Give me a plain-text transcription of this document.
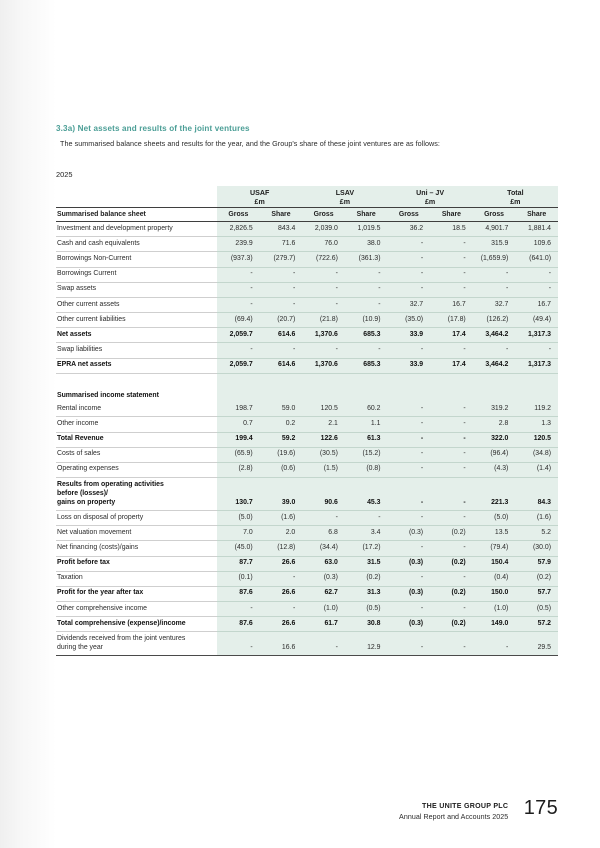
3.3a) Net assets and results of the joint ventures
The summarised balance sheets and results for the year, and the Group's share of these joint ventures are as follows:
2025
	USAF
£m		LSAV
£m		Uni – JV
£m		Total
£m	

Summarised balance sheet	Gross	Share	Gross	Share	Gross	Share	Gross	Share

Investment and development property	2,826.5	843.4	2,039.0	1,019.5	36.2	18.5	4,901.7	1,881.4

Cash and cash equivalents	239.9	71.6	76.0	38.0	-	-	315.9	109.6

Borrowings Non-Current	(937.3)	(279.7)	(722.6)	(361.3)	-	-	(1,659.9)	(641.0)

Borrowings Current	-	-	-	-	-	-	-	-

Swap assets	-	-	-	-	-	-	-	-

Other current assets	-	-	-	-	32.7	16.7	32.7	16.7

Other current liabilities	(69.4)	(20.7)	(21.8)	(10.9)	(35.0)	(17.8)	(126.2)	(49.4)

Net assets	2,059.7	614.6	1,370.6	685.3	33.9	17.4	3,464.2	1,317.3

Swap liabilities	-	-	-	-	-	-	-	-

EPRA net assets	2,059.7	614.6	1,370.6	685.3	33.9	17.4	3,464.2	1,317.3

Summarised income statement								

Rental income	198.7	59.0	120.5	60.2	-	-	319.2	119.2

Other income	0.7	0.2	2.1	1.1	-	-	2.8	1.3

Total Revenue	199.4	59.2	122.6	61.3	-	-	322.0	120.5

Costs of sales	(65.9)	(19.6)	(30.5)	(15.2)	-	-	(96.4)	(34.8)

Operating expenses	(2.8)	(0.6)	(1.5)	(0.8)	-	-	(4.3)	(1.4)

Results from operating activities
before (losses)/
gains on property	130.7	39.0	90.6	45.3	-	-	221.3	84.3

Loss on disposal of property	(5.0)	(1.6)	-	-	-	-	(5.0)	(1.6)

Net valuation movement	7.0	2.0	6.8	3.4	(0.3)	(0.2)	13.5	5.2

Net financing (costs)/gains	(45.0)	(12.8)	(34.4)	(17.2)	-	-	(79.4)	(30.0)

Profit before tax	87.7	26.6	63.0	31.5	(0.3)	(0.2)	150.4	57.9

Taxation	(0.1)	-	(0.3)	(0.2)	-	-	(0.4)	(0.2)

Profit for the year after tax	87.6	26.6	62.7	31.3	(0.3)	(0.2)	150.0	57.7

Other comprehensive income	-	-	(1.0)	(0.5)	-	-	(1.0)	(0.5)

Total comprehensive (expense)/income	87.6	26.6	61.7	30.8	(0.3)	(0.2)	149.0	57.2

Dividends received from the joint ventures
during the year	-	16.6	-	12.9	-	-	-	29.5
THE UNITE GROUP PLC
Annual Report and Accounts 2025 175
